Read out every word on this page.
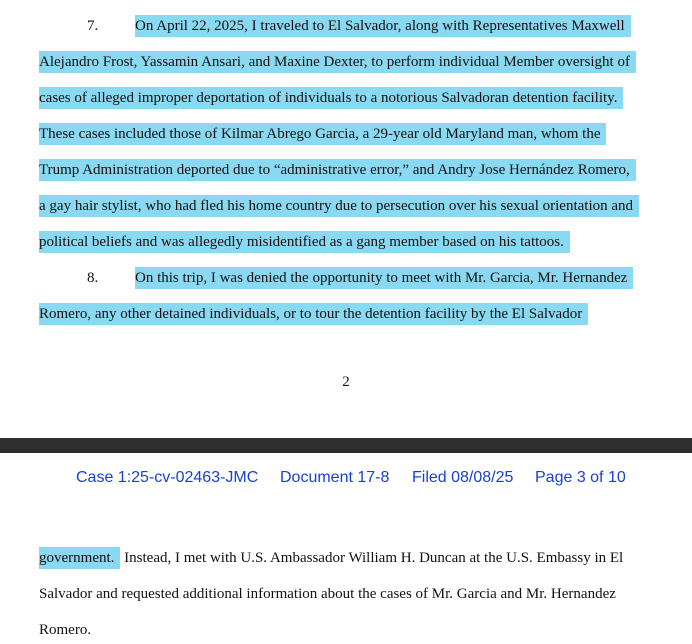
7. On April 22, 2025, I traveled to El Salvador, along with Representatives Maxwell
Alejandro Frost, Yassamin Ansari, and Maxine Dexter, to perform individual Member oversight of
cases of alleged improper deportation of individuals to a notorious Salvadoran detention facility.
These cases included those of Kilmar Abrego Garcia, a 29-year old Maryland man, whom the
Trump Administration deported due to “administrative error,” and Andry Jose Hernández Romero,
a gay hair stylist, who had fled his home country due to persecution over his sexual orientation and
political beliefs and was allegedly misidentified as a gang member based on his tattoos.
8. On this trip, I was denied the opportunity to meet with Mr. Garcia, Mr. Hernandez
Romero, any other detained individuals, or to tour the detention facility by the El Salvador
2
Case 1:25-cv-02463-JMC Document 17-8 Filed 08/08/25 Page 3 of 10
government. Instead, I met with U.S. Ambassador William H. Duncan at the U.S. Embassy in El
Salvador and requested additional information about the cases of Mr. Garcia and Mr. Hernandez
Romero.
